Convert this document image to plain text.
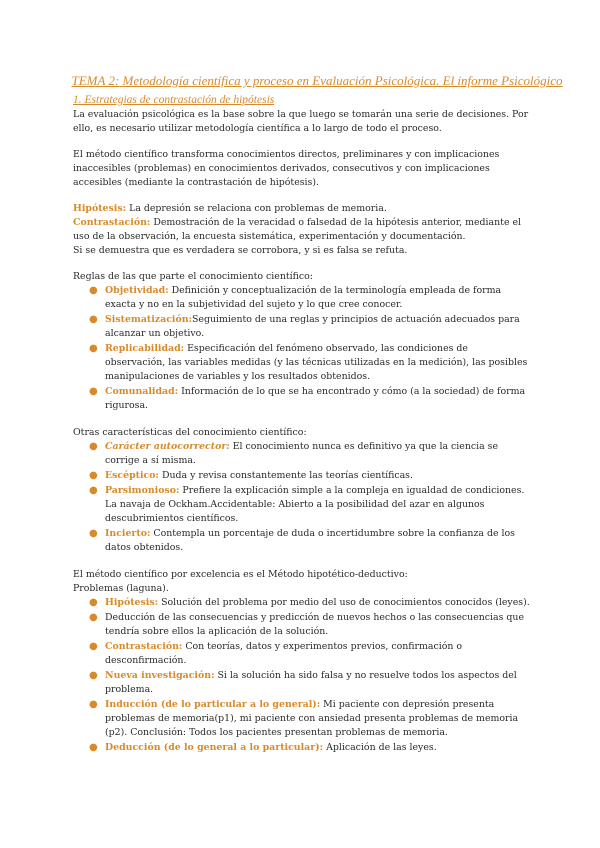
TEMA 2: Metodología científica y proceso en Evaluación Psicológica. El informe Psicológico
1. Estrategias de contrastación de hipótesis

La evaluación psicológica es la base sobre la que luego se tomarán una serie de decisiones. Por ello, es necesario utilizar metodología científica a lo largo de todo el proceso.

El método científico transforma conocimientos directos, preliminares y con implicaciones inaccesibles (problemas) en conocimientos derivados, consecutivos y con implicaciones accesibles (mediante la contrastación de hipótesis).

Hipótesis: La depresión se relaciona con problemas de memoria.

Contrastación: Demostración de la veracidad o falsedad de la hipótesis anterior, mediante el uso de la observación, la encuesta sistemática, experimentación y documentación.

Si se demuestra que es verdadera se corrobora, y si es falsa se refuta.

Reglas de las que parte el conocimiento científico:

● Objetividad: Definición y conceptualización de la terminología empleada de forma exacta y no en la subjetividad del sujeto y lo que cree conocer.
● Sistematización:Seguimiento de una reglas y principios de actuación adecuados para alcanzar un objetivo.
● Replicabilidad: Especificación del fenómeno observado, las condiciones de observación, las variables medidas (y las técnicas utilizadas en la medición), las posibles manipulaciones de variables y los resultados obtenidos.
● Comunalidad: Información de lo que se ha encontrado y cómo (a la sociedad) de forma rigurosa.

Otras características del conocimiento científico:

● Carácter autocorrector: El conocimiento nunca es definitivo ya que la ciencia se corrige a sí misma.
● Escéptico: Duda y revisa constantemente las teorías científicas.
● Parsimonioso: Prefiere la explicación simple a la compleja en igualdad de condiciones. La navaja de Ockham.Accidentable: Abierto a la posibilidad del azar en algunos descubrimientos científicos.
● Incierto: Contempla un porcentaje de duda o incertidumbre sobre la confianza de los datos obtenidos.

El método científico por excelencia es el Método hipotético-deductivo:

Problemas (laguna).

● Hipótesis: Solución del problema por medio del uso de conocimientos conocidos (leyes).
● Deducción de las consecuencias y predicción de nuevos hechos o las consecuencias que tendría sobre ellos la aplicación de la solución.
● Contrastación: Con teorías, datos y experimentos previos, confirmación o desconfirmación.
● Nueva investigación: Si la solución ha sido falsa y no resuelve todos los aspectos del problema.
● Inducción (de lo particular a lo general): Mi paciente con depresión presenta problemas de memoria(p1), mi paciente con ansiedad presenta problemas de memoria (p2). Conclusión: Todos los pacientes presentan problemas de memoria.
● Deducción (de lo general a lo particular): Aplicación de las leyes.
